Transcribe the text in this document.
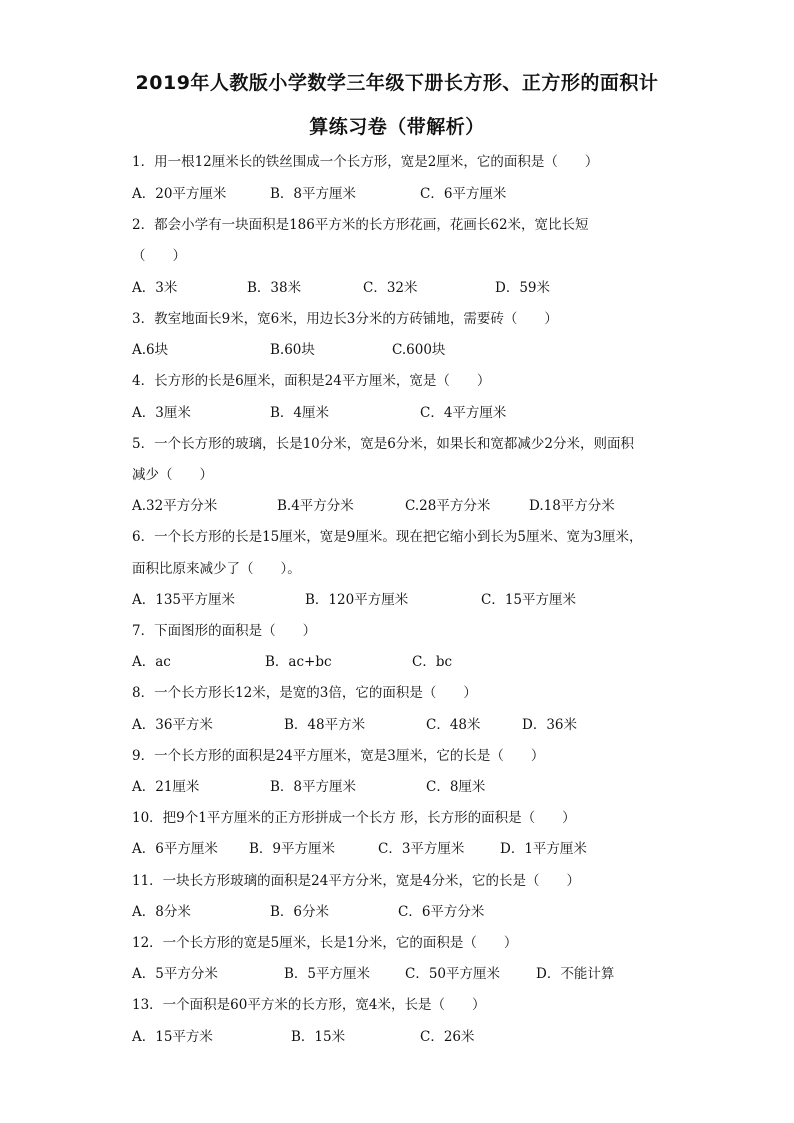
2019年人教版小学数学三年级下册长方形、正方形的面积计
算练习卷（带解析）
1．用一根12厘米长的铁丝围成一个长方形，宽是2厘米，它的面积是（　　）
A．20平方厘米	B．8平方厘米	C．6平方厘米
2．都会小学有一块面积是186平方米的长方形花画，花画长62米，宽比长短
（　　）
A．3米	B．38米	C．32米	D．59米
3．教室地面长9米，宽6米，用边长3分米的方砖铺地，需要砖（　　）
A.6块	B.60块	C.600块
4．长方形的长是6厘米，面积是24平方厘米，宽是（　　）
A．3厘米	B．4厘米	C．4平方厘米
5．一个长方形的玻璃，长是10分米，宽是6分米，如果长和宽都减少2分米，则面积
减少（　　）
A.32平方分米	B.4平方分米	C.28平方分米	D.18平方分米
6．一个长方形的长是15厘米，宽是9厘米。现在把它缩小到长为5厘米、宽为3厘米，
面积比原来减少了（　　）。
A．135平方厘米	B．120平方厘米	C．15平方厘米
7．下面图形的面积是（　　）
A．ac	B．ac+bc	C．bc
8．一个长方形长12米，是宽的3倍，它的面积是（　　）
A．36平方米	B．48平方米	C．48米	D．36米
9．一个长方形的面积是24平方厘米，宽是3厘米，它的长是（　　）
A．21厘米	B．8平方厘米	C．8厘米
10．把9个1平方厘米的正方形拼成一个长方 形，长方形的面积是（　　）
A．6平方厘米 B．9平方厘米	C．3平方厘米	D．1平方厘米
11．一块长方形玻璃的面积是24平方分米，宽是4分米，它的长是（　　）
A．8分米	B．6分米	C．6平方分米
12．一个长方形的宽是5厘米，长是1分米，它的面积是（　　）
A．5平方分米	B．5平方厘米	C．50平方厘米	D．不能计算
13．一个面积是60平方米的长方形，宽4米，长是（　　）
A．15平方米	B．15米	C．26米
